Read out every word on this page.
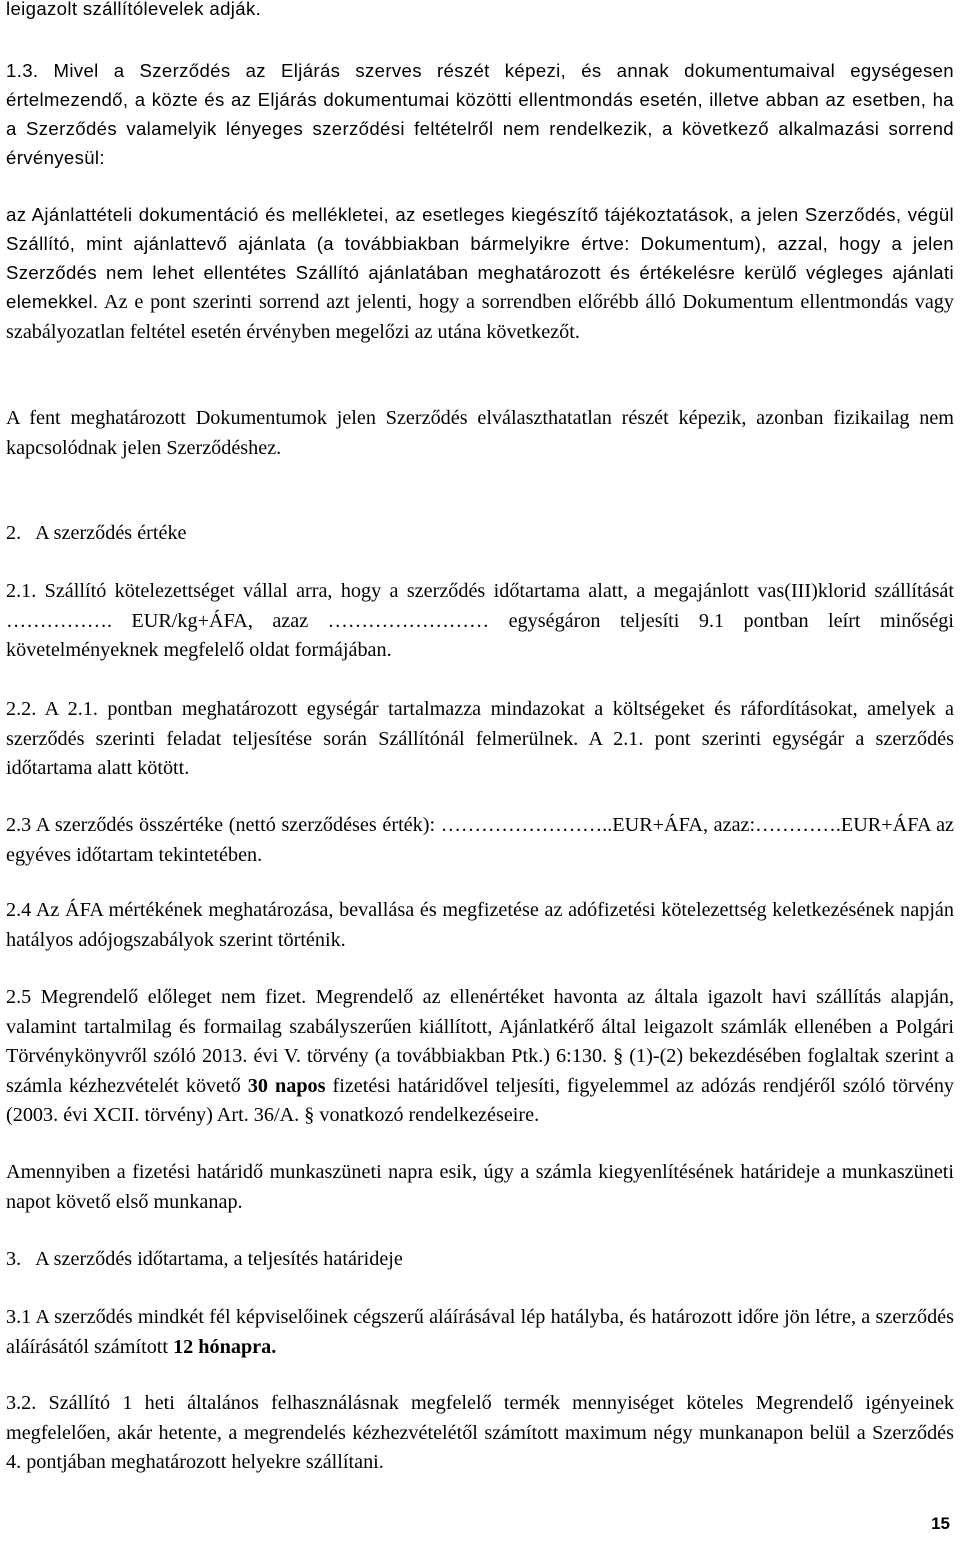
leigazolt szállítólevelek adják.

1.3. Mivel a Szerződés az Eljárás szerves részét képezi, és annak dokumentumaival egységesen értelmezendő, a közte és az Eljárás dokumentumai közötti ellentmondás esetén, illetve abban az esetben, ha a Szerződés valamelyik lényeges szerződési feltételről nem rendelkezik, a következő alkalmazási sorrend érvényesül:

az Ajánlattételi dokumentáció és mellékletei, az esetleges kiegészítő tájékoztatások, a jelen Szerződés, végül Szállító, mint ajánlattevő ajánlata (a továbbiakban bármelyikre értve: Dokumentum), azzal, hogy a jelen Szerződés nem lehet ellentétes Szállító ajánlatában meghatározott és értékelésre kerülő végleges ajánlati elemekkel. Az e pont szerinti sorrend azt jelenti, hogy a sorrendben előrébb álló Dokumentum ellentmondás vagy szabályozatlan feltétel esetén érvényben megelőzi az utána következőt.

A fent meghatározott Dokumentumok jelen Szerződés elválaszthatatlan részét képezik, azonban fizikailag nem kapcsolódnak jelen Szerződéshez.

2.   A szerződés értéke

2.1. Szállító kötelezettséget vállal arra, hogy a szerződés időtartama alatt, a megajánlott vas(III)klorid szállítását ……………. EUR/kg+ÁFA, azaz …………………… egységáron teljesíti 9.1 pontban leírt minőségi követelményeknek megfelelő oldat formájában.

2.2. A 2.1. pontban meghatározott egységár tartalmazza mindazokat a költségeket és ráfordításokat, amelyek a szerződés szerinti feladat teljesítése során Szállítónál felmerülnek. A 2.1. pont szerinti egységár a szerződés időtartama alatt kötött.

2.3 A szerződés összértéke (nettó szerződéses érték): ……………………..EUR+ÁFA, azaz:………….EUR+ÁFA az egyéves időtartam tekintetében.

2.4 Az ÁFA mértékének meghatározása, bevallása és megfizetése az adófizetési kötelezettség keletkezésének napján hatályos adójogszabályok szerint történik.

2.5 Megrendelő előleget nem fizet. Megrendelő az ellenértéket havonta az általa igazolt havi szállítás alapján, valamint tartalmilag és formailag szabályszerűen kiállított, Ajánlatkérő által leigazolt számlák ellenében a Polgári Törvénykönyvről szóló 2013. évi V. törvény (a továbbiakban Ptk.) 6:130. § (1)-(2) bekezdésében foglaltak szerint a számla kézhezvételét követő 30 napos fizetési határidővel teljesíti, figyelemmel az adózás rendjéről szóló törvény (2003. évi XCII. törvény) Art. 36/A. § vonatkozó rendelkezéseire.

Amennyiben a fizetési határidő munkaszüneti napra esik, úgy a számla kiegyenlítésének határideje a munkaszüneti napot követő első munkanap.

3.   A szerződés időtartama, a teljesítés határideje

3.1 A szerződés mindkét fél képviselőinek cégszerű aláírásával lép hatályba, és határozott időre jön létre, a szerződés aláírásától számított 12 hónapra.

3.2. Szállító 1 heti általános felhasználásnak megfelelő termék mennyiséget köteles Megrendelő igényeinek megfelelően, akár hetente, a megrendelés kézhezvételétől számított maximum négy munkanapon belül a Szerződés 4. pontjában meghatározott helyekre szállítani.

15
